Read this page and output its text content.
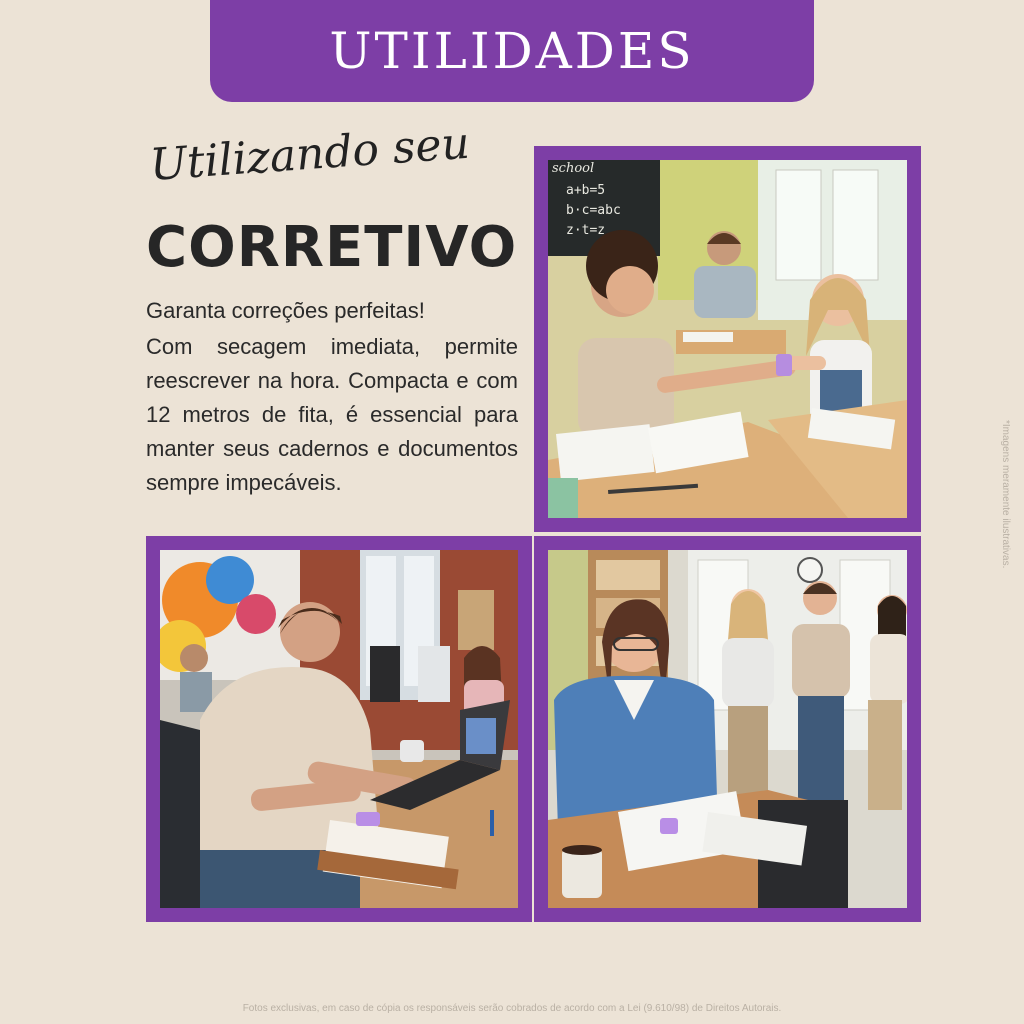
UTILIDADES
Utilizando seu
CORRETIVO
Garanta correções perfeitas!
Com secagem imediata, permite reescrever na hora. Compacta e com 12 metros de fita, é essencial para manter seus cadernos e documentos sempre impecáveis.
school
a+b=5
b·c=abc
z·t=z
*Imagens meramente ilustrativas.
Fotos exclusivas, em caso de cópia os responsáveis serão cobrados de acordo com a Lei (9.610/98) de Direitos Autorais.
